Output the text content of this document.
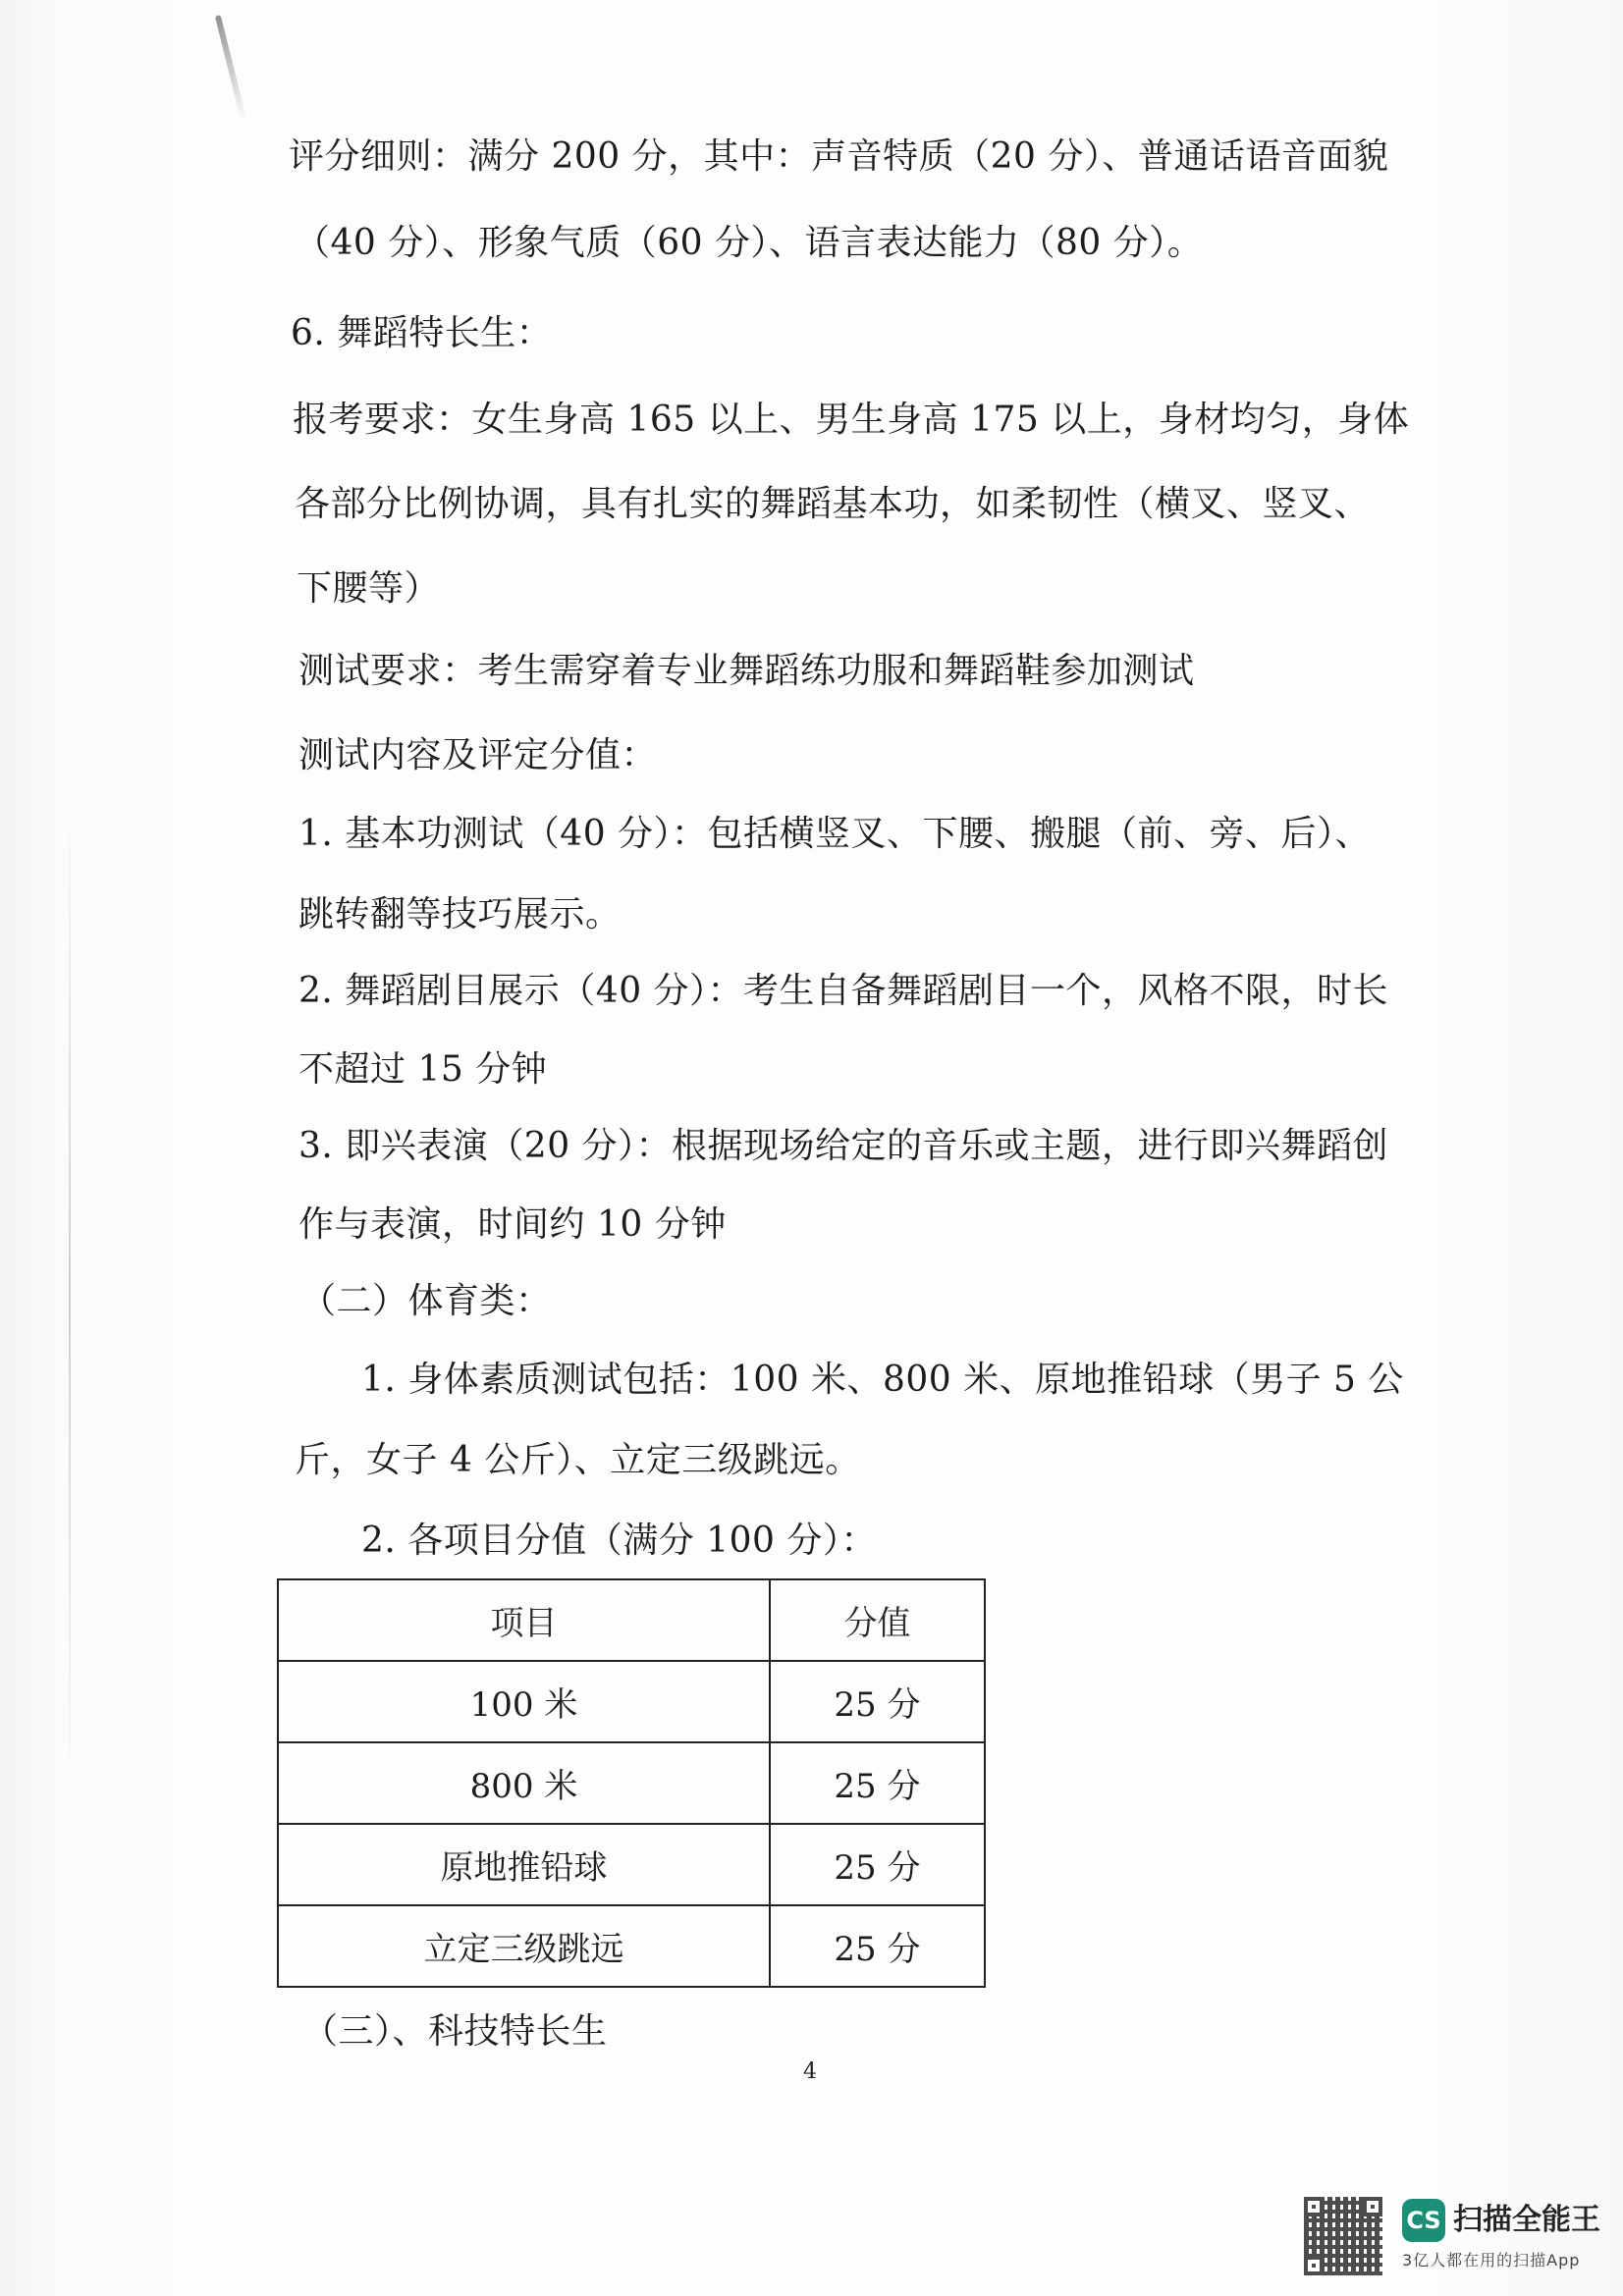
评分细则：满分 200 分，其中：声音特质（20 分）、普通话语音面貌
（40 分）、形象气质（60 分）、语言表达能力（80 分）。
6. 舞蹈特长生：
报考要求：女生身高 165 以上、男生身高 175 以上，身材均匀，身体
各部分比例协调，具有扎实的舞蹈基本功，如柔韧性（横叉、竖叉、
下腰等）
测试要求：考生需穿着专业舞蹈练功服和舞蹈鞋参加测试
测试内容及评定分值：
1. 基本功测试（40 分）：包括横竖叉、下腰、搬腿（前、旁、后）、
跳转翻等技巧展示。
2. 舞蹈剧目展示（40 分）：考生自备舞蹈剧目一个，风格不限，时长
不超过 15 分钟
3. 即兴表演（20 分）：根据现场给定的音乐或主题，进行即兴舞蹈创
作与表演，时间约 10 分钟
（二）体育类：
1. 身体素质测试包括：100 米、800 米、原地推铅球（男子 5 公
斤，女子 4 公斤）、立定三级跳远。
2. 各项目分值（满分 100 分）：
项目	分值
100 米	25 分
800 米	25 分
原地推铅球	25 分
立定三级跳远	25 分
（三）、科技特长生
4
CS 扫描全能王
3亿人都在用的扫描App
